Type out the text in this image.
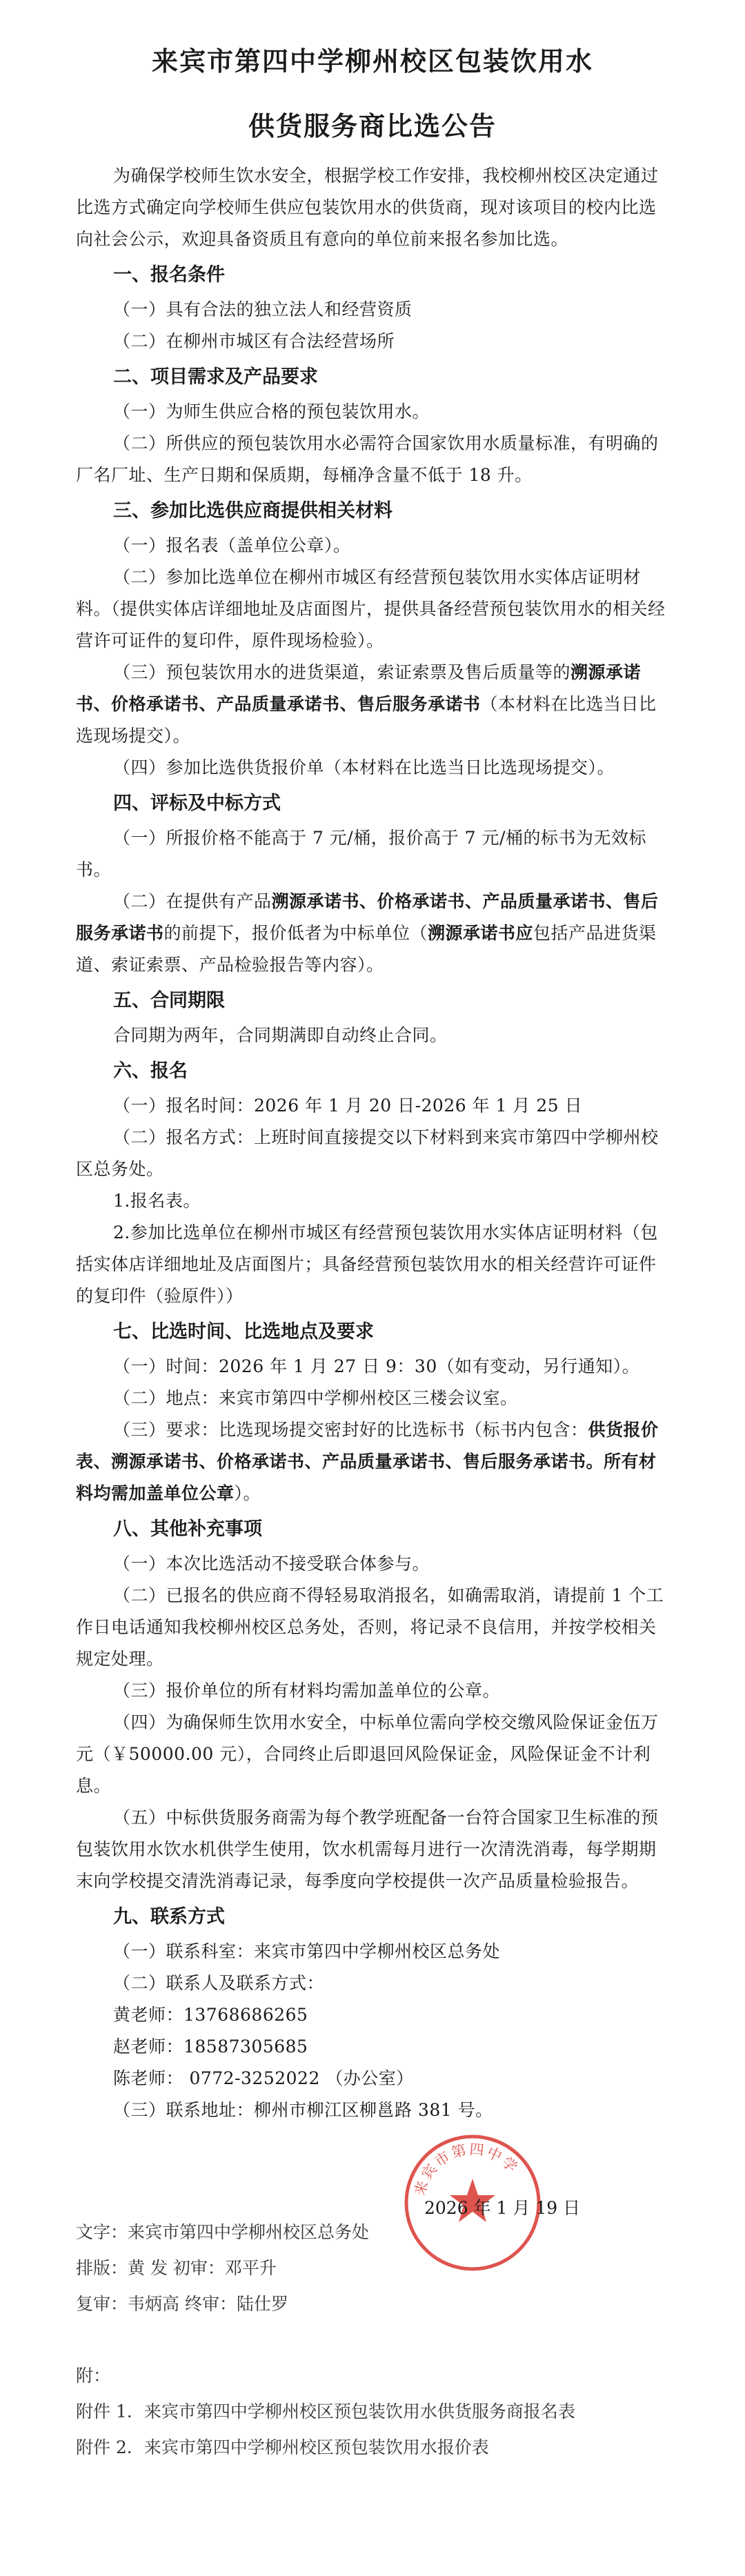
来宾市第四中学柳州校区包装饮用水
供货服务商比选公告

为确保学校师生饮水安全，根据学校工作安排，我校柳州校区决定通过比选方式确定向学校师生供应包装饮用水的供货商，现对该项目的校内比选向社会公示，欢迎具备资质且有意向的单位前来报名参加比选。

一、报名条件

（一）具有合法的独立法人和经营资质

（二）在柳州市城区有合法经营场所

二、项目需求及产品要求

（一）为师生供应合格的预包装饮用水。

（二）所供应的预包装饮用水必需符合国家饮用水质量标准，有明确的厂名厂址、生产日期和保质期，每桶净含量不低于 18 升。

三、参加比选供应商提供相关材料

（一）报名表（盖单位公章）。

（二）参加比选单位在柳州市城区有经营预包装饮用水实体店证明材料。（提供实体店详细地址及店面图片，提供具备经营预包装饮用水的相关经营许可证件的复印件，原件现场检验）。

（三）预包装饮用水的进货渠道，索证索票及售后质量等的溯源承诺书、价格承诺书、产品质量承诺书、售后服务承诺书（本材料在比选当日比选现场提交）。

（四）参加比选供货报价单（本材料在比选当日比选现场提交）。

四、评标及中标方式

（一）所报价格不能高于 7 元/桶，报价高于 7 元/桶的标书为无效标书。

（二）在提供有产品溯源承诺书、价格承诺书、产品质量承诺书、售后服务承诺书的前提下，报价低者为中标单位（溯源承诺书应包括产品进货渠道、索证索票、产品检验报告等内容）。

五、合同期限

合同期为两年，合同期满即自动终止合同。

六、报名

（一）报名时间：2026 年 1 月 20 日-2026 年 1 月 25 日

（二）报名方式：上班时间直接提交以下材料到来宾市第四中学柳州校区总务处。

1.报名表。

2.参加比选单位在柳州市城区有经营预包装饮用水实体店证明材料（包括实体店详细地址及店面图片；具备经营预包装饮用水的相关经营许可证件的复印件（验原件））

七、比选时间、比选地点及要求

（一）时间：2026 年 1 月 27 日 9：30（如有变动，另行通知）。

（二）地点：来宾市第四中学柳州校区三楼会议室。

（三）要求：比选现场提交密封好的比选标书（标书内包含：供货报价表、溯源承诺书、价格承诺书、产品质量承诺书、售后服务承诺书。所有材料均需加盖单位公章）。

八、其他补充事项

（一）本次比选活动不接受联合体参与。

（二）已报名的供应商不得轻易取消报名，如确需取消，请提前 1 个工作日电话通知我校柳州校区总务处，否则，将记录不良信用，并按学校相关规定处理。

（三）报价单位的所有材料均需加盖单位的公章。

（四）为确保师生饮用水安全，中标单位需向学校交缴风险保证金伍万元（￥50000.00 元），合同终止后即退回风险保证金，风险保证金不计利息。

（五）中标供货服务商需为每个教学班配备一台符合国家卫生标准的预包装饮用水饮水机供学生使用，饮水机需每月进行一次清洗消毒，每学期期末向学校提交清洗消毒记录，每季度向学校提供一次产品质量检验报告。

九、联系方式

（一）联系科室：来宾市第四中学柳州校区总务处

（二）联系人及联系方式：

黄老师：13768686265

赵老师：18587305685

陈老师： 0772-3252022 （办公室）

（三）联系地址：柳州市柳江区柳邕路 381 号。

来宾市第四中学
2026 年 1 月 19 日

文字：来宾市第四中学柳州校区总务处

排版：黄 发 初审：邓平升

复审：韦炳高 终审：陆仕罗

附：

附件 1．来宾市第四中学柳州校区预包装饮用水供货服务商报名表

附件 2．来宾市第四中学柳州校区预包装饮用水报价表
